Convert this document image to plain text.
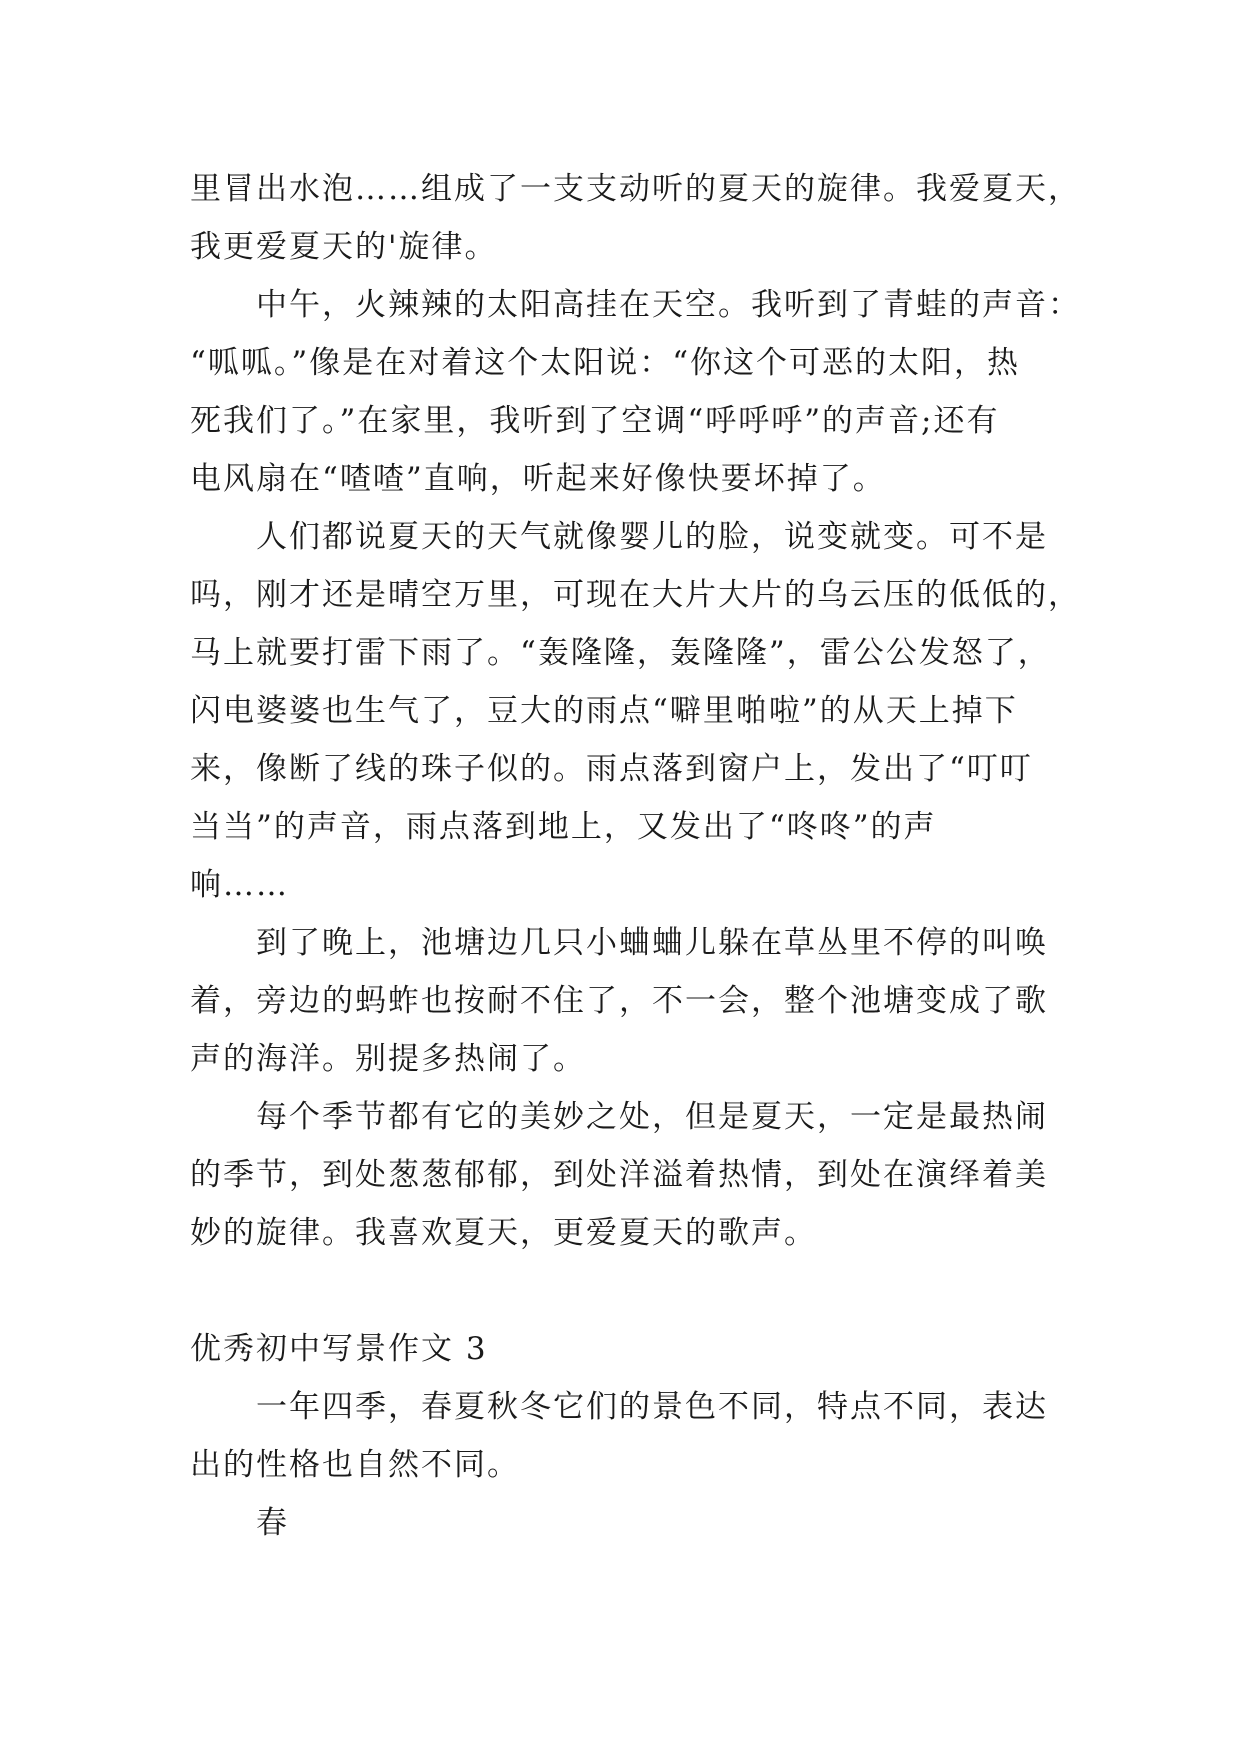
里冒出水泡……组成了一支支动听的夏天的旋律。我爱夏天，
我更爱夏天的'旋律。
中午，火辣辣的太阳高挂在天空。我听到了青蛙的声音：
“呱呱。”像是在对着这个太阳说：“你这个可恶的太阳，热
死我们了。”在家里，我听到了空调“呼呼呼”的声音;还有
电风扇在“喳喳”直响，听起来好像快要坏掉了。
人们都说夏天的天气就像婴儿的脸，说变就变。可不是
吗，刚才还是晴空万里，可现在大片大片的乌云压的低低的，
马上就要打雷下雨了。“轰隆隆，轰隆隆”，雷公公发怒了，
闪电婆婆也生气了，豆大的雨点“噼里啪啦”的从天上掉下
来，像断了线的珠子似的。雨点落到窗户上，发出了“叮叮
当当”的声音，雨点落到地上，又发出了“咚咚”的声
响……
到了晚上，池塘边几只小蛐蛐儿躲在草丛里不停的叫唤
着，旁边的蚂蚱也按耐不住了，不一会，整个池塘变成了歌
声的海洋。别提多热闹了。
每个季节都有它的美妙之处，但是夏天，一定是最热闹
的季节，到处葱葱郁郁，到处洋溢着热情，到处在演绎着美
妙的旋律。我喜欢夏天，更爱夏天的歌声。
优秀初中写景作文 3
一年四季，春夏秋冬它们的景色不同，特点不同，表达
出的性格也自然不同。
春
